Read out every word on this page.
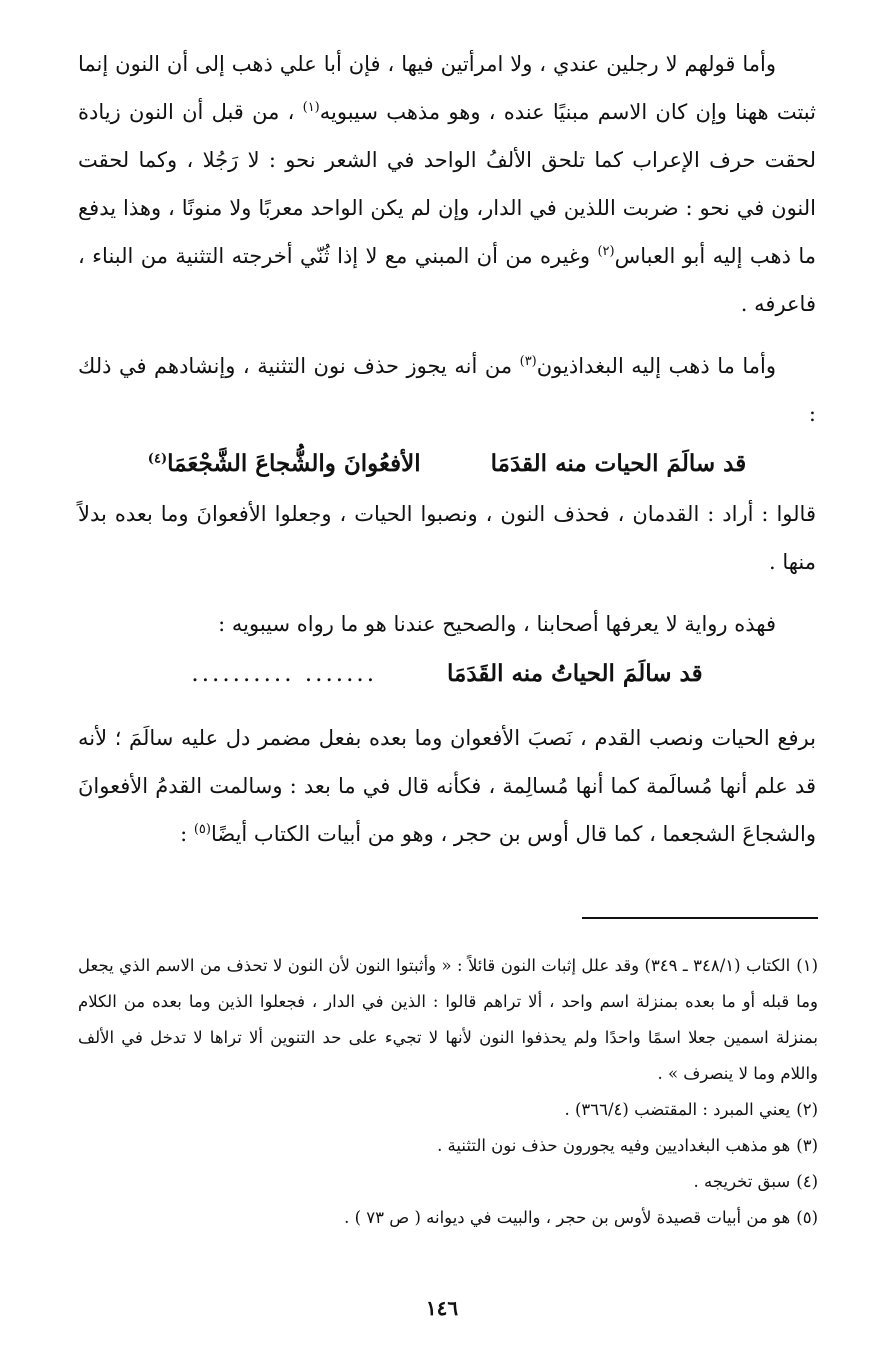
وأما قولهم لا رجلين عندي ، ولا امرأتين فيها ، فإن أبا علي ذهب إلى أن النون إنما ثبتت ههنا وإن كان الاسم مبنيًا عنده ، وهو مذهب سيبويه$^{(١)}$ ، من قبل أن النون زيادة لحقت حرف الإعراب كما تلحق الألفُ الواحد في الشعر نحو : لا رَجُلا ، وكما لحقت النون في نحو : ضربت اللذين في الدار، وإن لم يكن الواحد معربًا ولا منونًا ، وهذا يدفع ما ذهب إليه أبو العباس$^{(٢)}$ وغيره من أن المبني مع لا إذا ثُنّي أخرجته التثنية من البناء ، فاعرفه .

وأما ما ذهب إليه البغداذيون$^{(٣)}$ من أنه يجوز حذف نون التثنية ، وإنشادهم في ذلك :

قد سالَمَ الحيات منه القدَمَا
الأفعُوانَ والشُّجاعَ الشَّجْعَمَا$^{(٤)}$

قالوا : أراد : القدمان ، فحذف النون ، ونصبوا الحيات ، وجعلوا الأفعوانَ وما بعده بدلاً منها .

فهذه رواية لا يعرفها أصحابنا ، والصحيح عندنا هو ما رواه سيبويه :

قد سالَمَ الحياتُ منه القَدَمَا
....... ..........

برفع الحيات ونصب القدم ، نَصبَ الأفعوان وما بعده بفعل مضمر دل عليه سالَمَ ؛ لأنه قد علم أنها مُسالَمة كما أنها مُسالِمة ، فكأنه قال في ما بعد : وسالمت القدمُ الأفعوانَ والشجاعَ الشجعما ، كما قال أوس بن حجر ، وهو من أبيات الكتاب أيضًا$^{(٥)}$ :

(١)الكتاب (٣٤٨/١ ـ ٣٤٩) وقد علل إثبات النون قائلاً : « وأثبتوا النون لأن النون لا تحذف من الاسم الذي يجعل وما قبله أو ما بعده بمنزلة اسم واحد ، ألا تراهم قالوا : الذين في الدار ، فجعلوا الذين وما بعده من الكلام بمنزلة اسمين جعلا اسمًا واحدًا ولم يحذفوا النون لأنها لا تجيء على حد التنوين ألا تراها لا تدخل في الألف واللام وما لا ينصرف » .

(٢)يعني المبرد : المقتضب (٣٦٦/٤) .

(٣)هو مذهب البغداديين وفيه يجورون حذف نون التثنية .

(٤)سبق تخريجه .

(٥)هو من أبيات قصيدة لأوس بن حجر ، والبيت في ديوانه ( ص ٧٣ ) .

١٤٦
